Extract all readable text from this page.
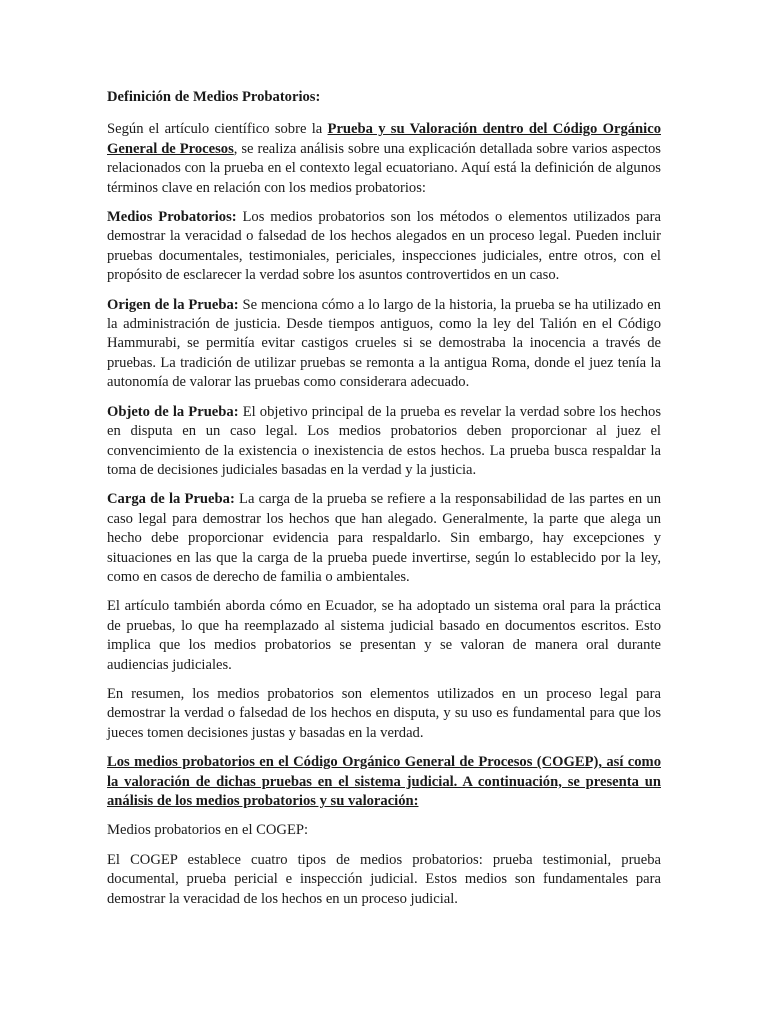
Definición de Medios Probatorios:

Según el artículo científico sobre la Prueba y su Valoración dentro del Código Orgánico General de Procesos, se realiza análisis sobre una explicación detallada sobre varios aspectos relacionados con la prueba en el contexto legal ecuatoriano. Aquí está la definición de algunos términos clave en relación con los medios probatorios:

Medios Probatorios: Los medios probatorios son los métodos o elementos utilizados para demostrar la veracidad o falsedad de los hechos alegados en un proceso legal. Pueden incluir pruebas documentales, testimoniales, periciales, inspecciones judiciales, entre otros, con el propósito de esclarecer la verdad sobre los asuntos controvertidos en un caso.

Origen de la Prueba: Se menciona cómo a lo largo de la historia, la prueba se ha utilizado en la administración de justicia. Desde tiempos antiguos, como la ley del Talión en el Código Hammurabi, se permitía evitar castigos crueles si se demostraba la inocencia a través de pruebas. La tradición de utilizar pruebas se remonta a la antigua Roma, donde el juez tenía la autonomía de valorar las pruebas como considerara adecuado.

Objeto de la Prueba: El objetivo principal de la prueba es revelar la verdad sobre los hechos en disputa en un caso legal. Los medios probatorios deben proporcionar al juez el convencimiento de la existencia o inexistencia de estos hechos. La prueba busca respaldar la toma de decisiones judiciales basadas en la verdad y la justicia.

Carga de la Prueba: La carga de la prueba se refiere a la responsabilidad de las partes en un caso legal para demostrar los hechos que han alegado. Generalmente, la parte que alega un hecho debe proporcionar evidencia para respaldarlo. Sin embargo, hay excepciones y situaciones en las que la carga de la prueba puede invertirse, según lo establecido por la ley, como en casos de derecho de familia o ambientales.

El artículo también aborda cómo en Ecuador, se ha adoptado un sistema oral para la práctica de pruebas, lo que ha reemplazado al sistema judicial basado en documentos escritos. Esto implica que los medios probatorios se presentan y se valoran de manera oral durante audiencias judiciales.

En resumen, los medios probatorios son elementos utilizados en un proceso legal para demostrar la verdad o falsedad de los hechos en disputa, y su uso es fundamental para que los jueces tomen decisiones justas y basadas en la verdad.

Los medios probatorios en el Código Orgánico General de Procesos (COGEP), así como la valoración de dichas pruebas en el sistema judicial. A continuación, se presenta un análisis de los medios probatorios y su valoración:

Medios probatorios en el COGEP:

El COGEP establece cuatro tipos de medios probatorios: prueba testimonial, prueba documental, prueba pericial e inspección judicial. Estos medios son fundamentales para demostrar la veracidad de los hechos en un proceso judicial.
